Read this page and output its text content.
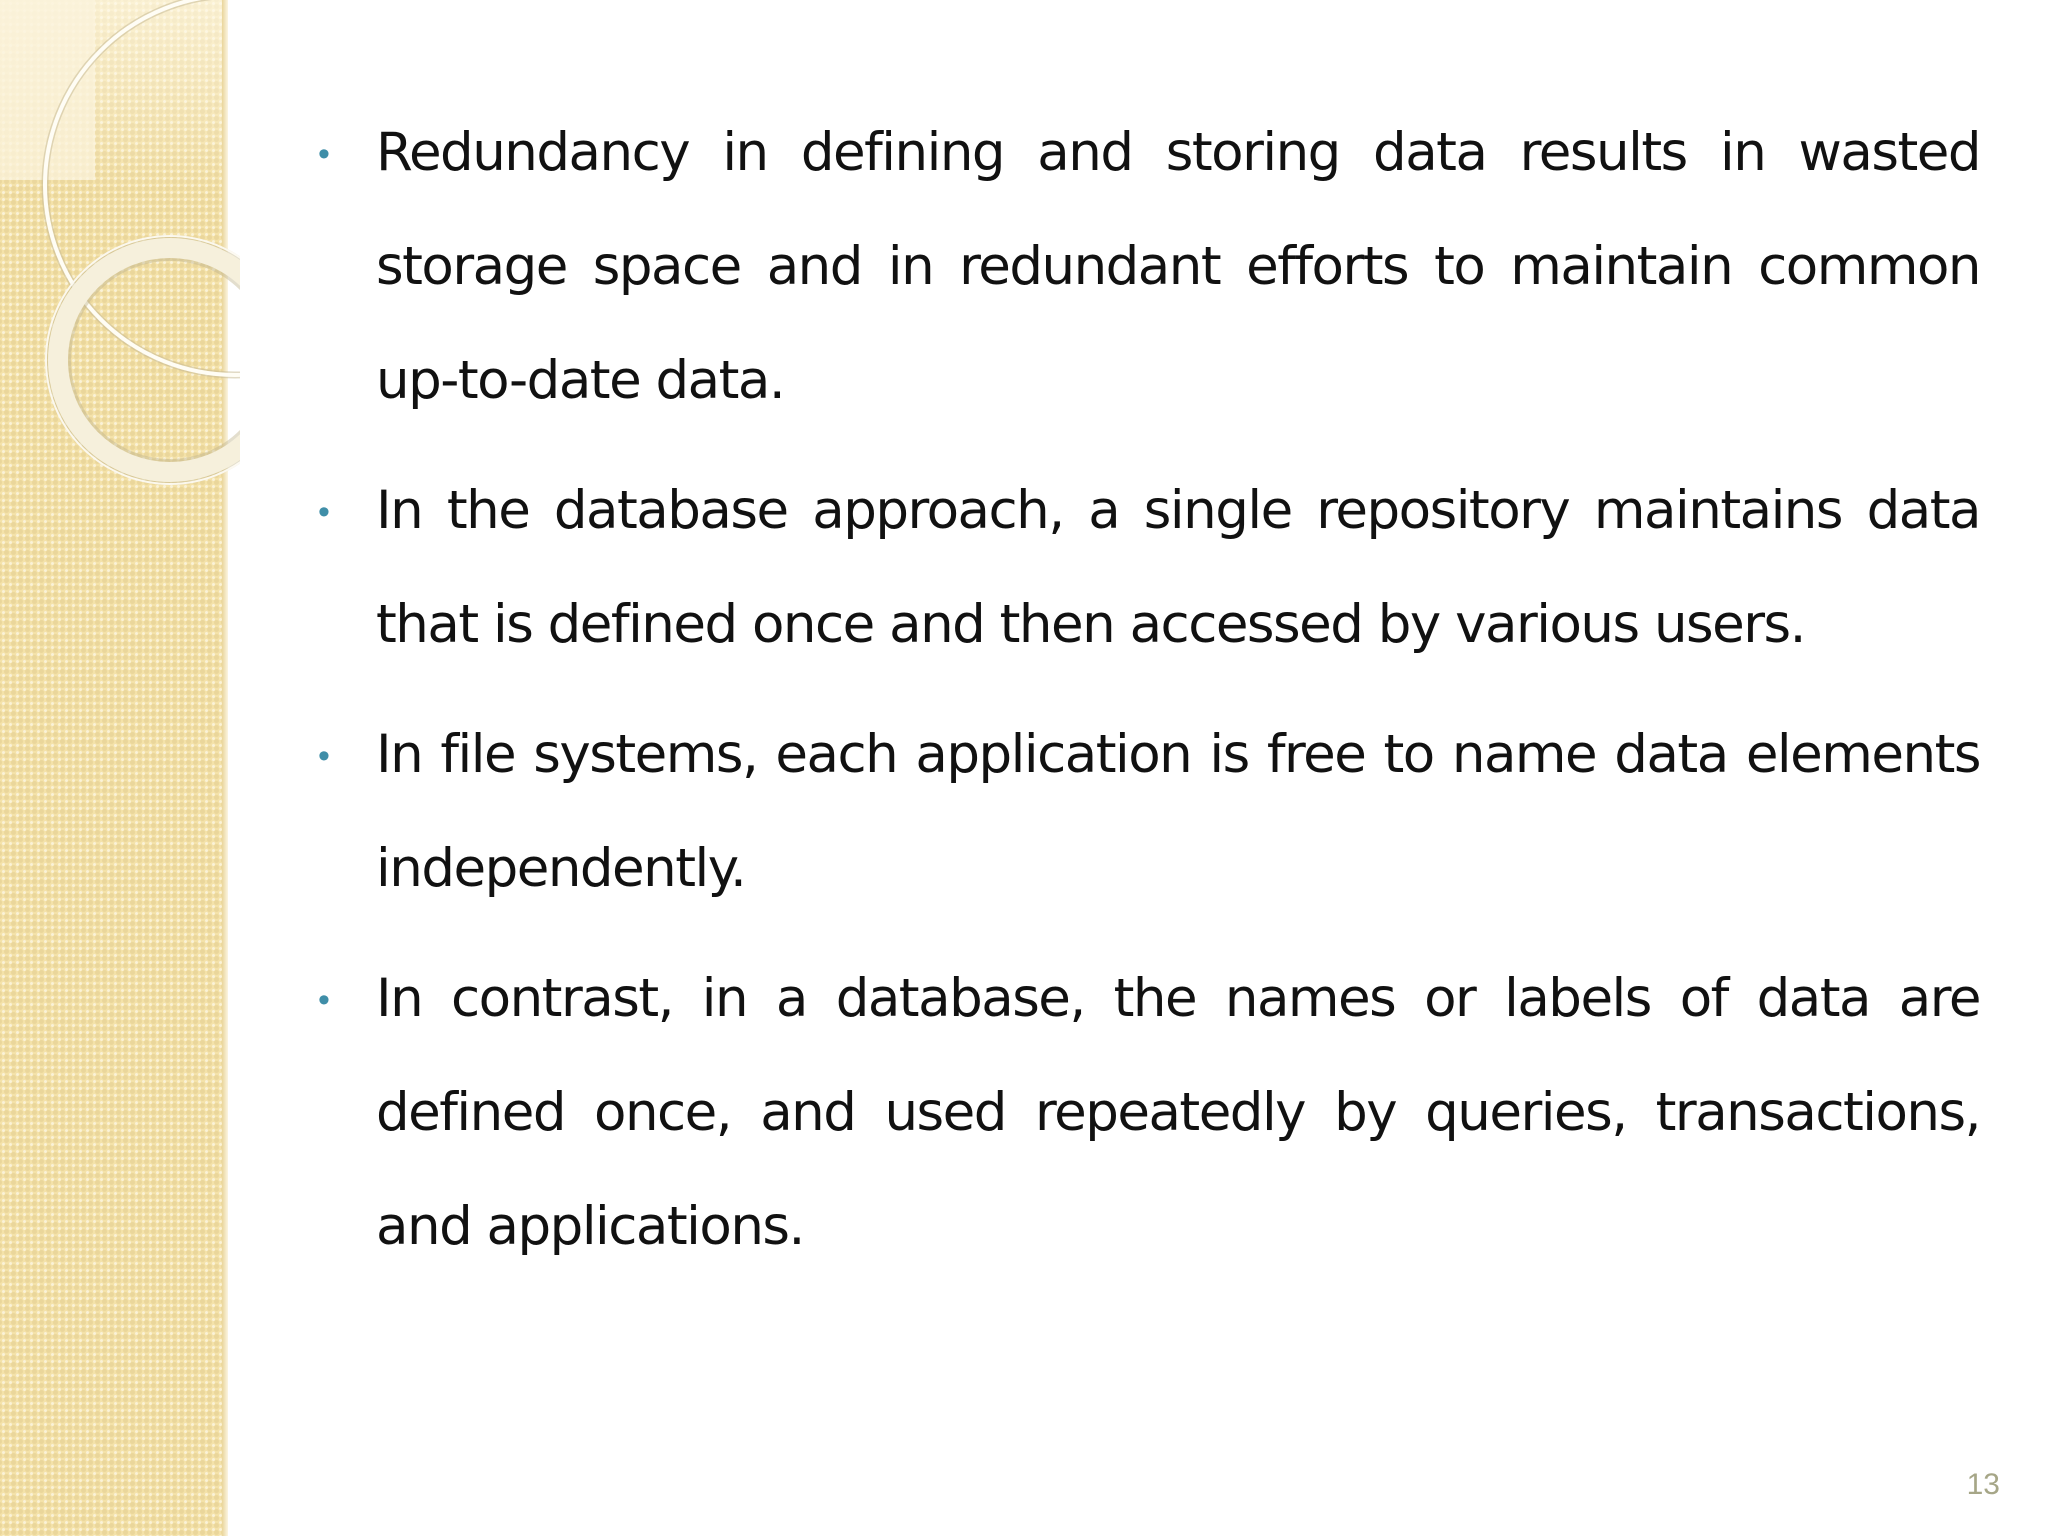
• Redundancy in defining and storing data results in wasted storage space and in redundant efforts to maintain common up-to-date data.
• In the database approach, a single repository maintains data that is defined once and then accessed by various users.
• In file systems, each application is free to name data elements independently.
• In contrast, in a database, the names or labels of data are defined once, and used repeatedly by queries, transactions, and applications.
13
